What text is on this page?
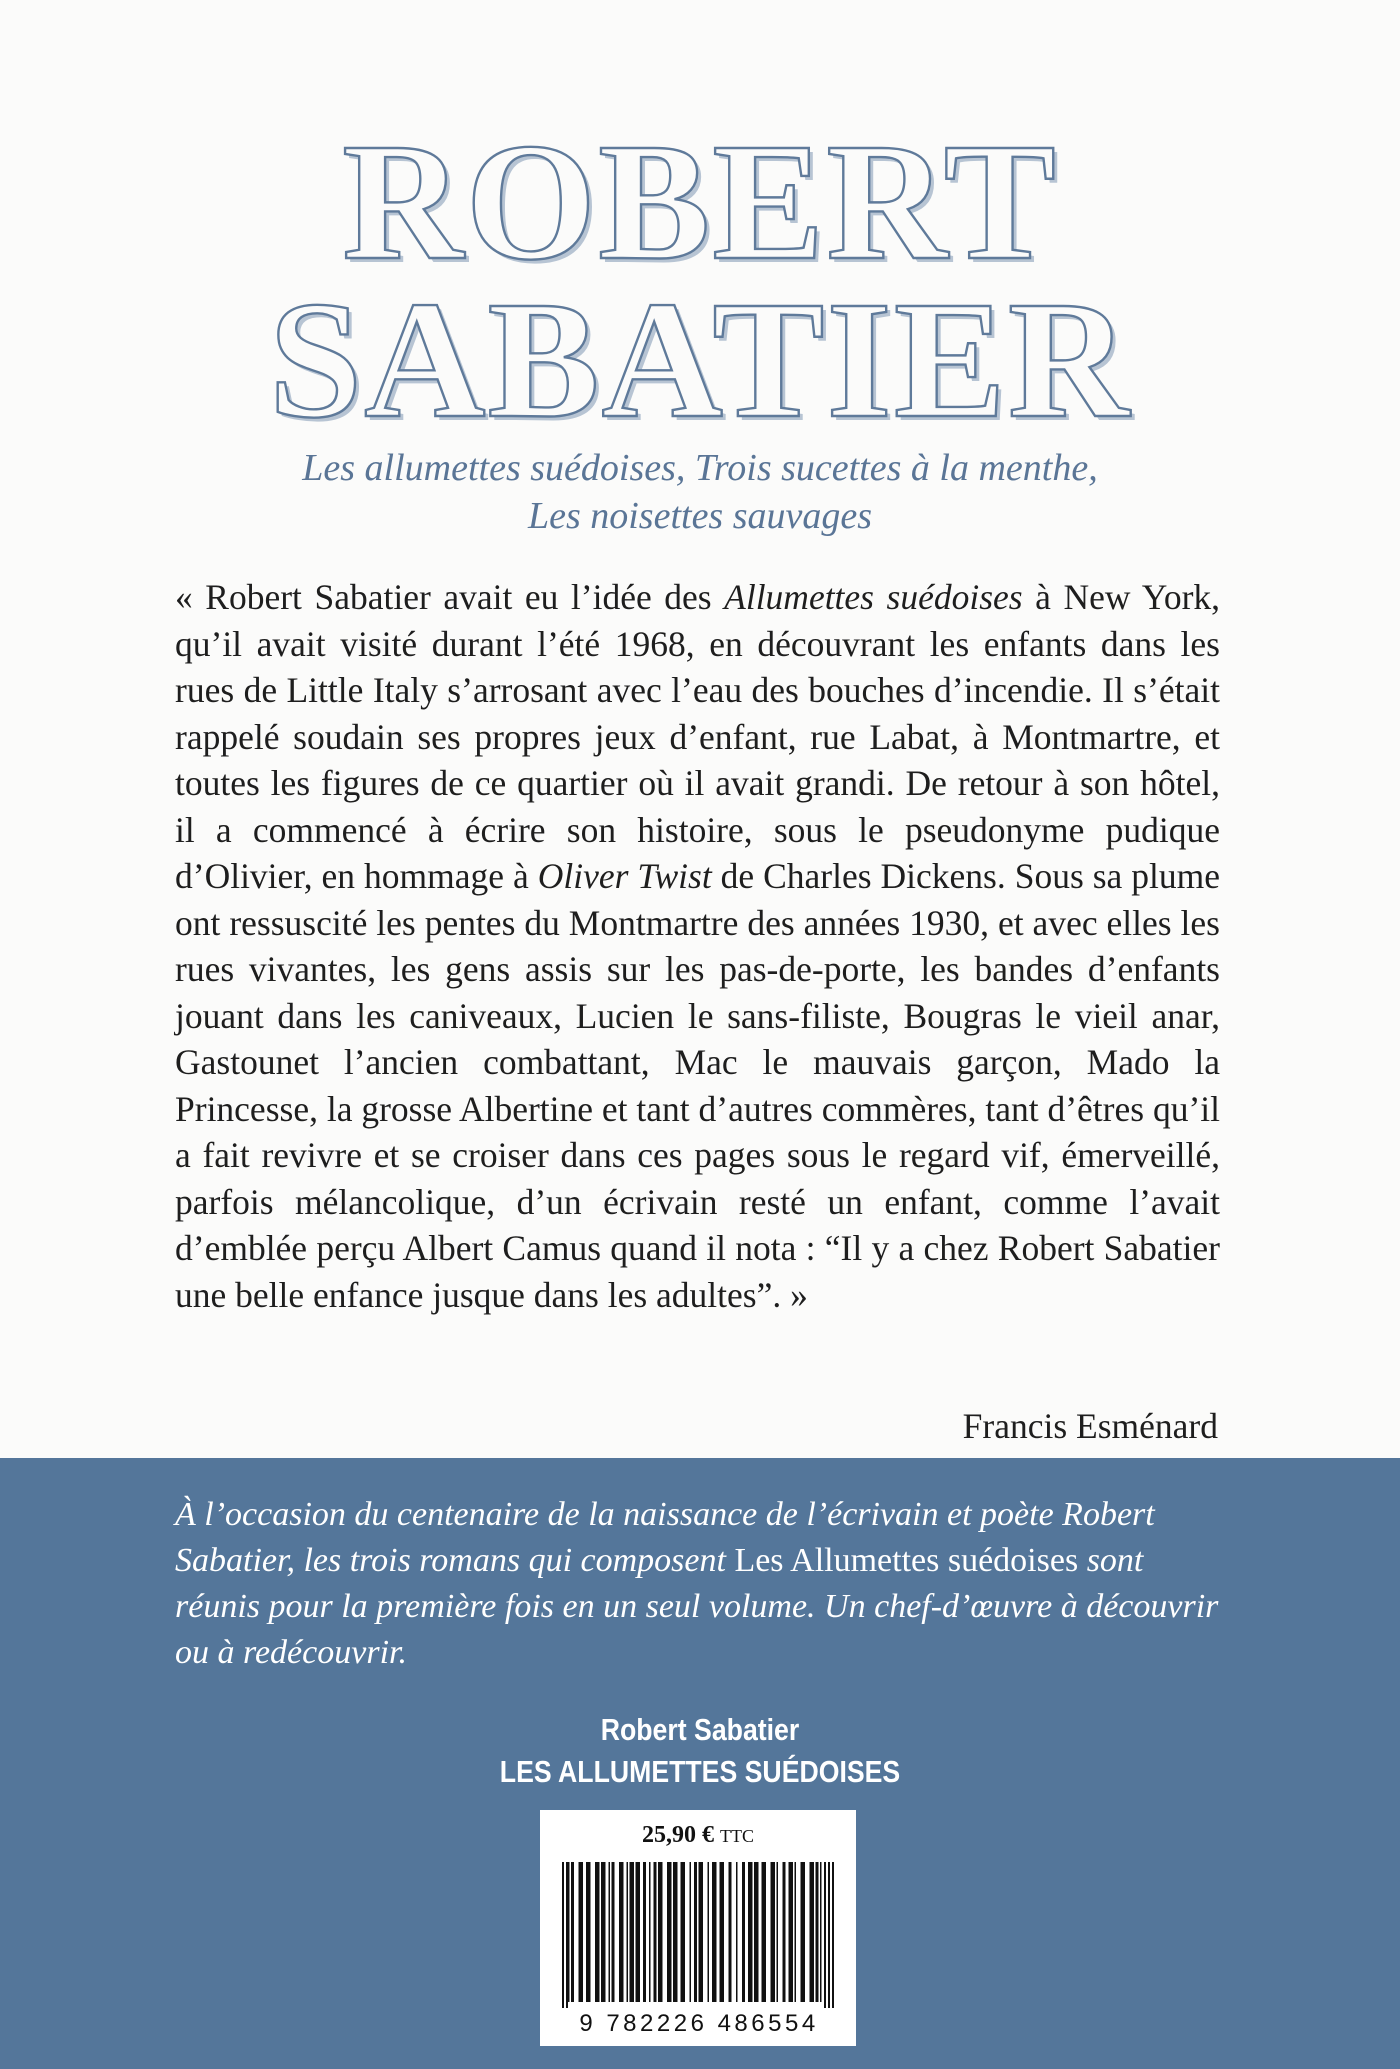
ROBERT
SABATIER
Les allumettes suédoises, Trois sucettes à la menthe,
Les noisettes sauvages

« Robert Sabatier avait eu l’idée des Allumettes suédoises à New York, qu’il avait visité durant l’été 1968, en découvrant les enfants dans les rues de Little Italy s’arrosant avec l’eau des bouches d’incendie. Il s’était rappelé soudain ses propres jeux d’enfant, rue Labat, à Montmartre, et toutes les figures de ce quartier où il avait grandi. De retour à son hôtel, il a commencé à écrire son histoire, sous le pseudonyme pudique d’Olivier, en hommage à Oliver Twist de Charles Dickens. Sous sa plume ont ressuscité les pentes du Montmartre des années 1930, et avec elles les rues vivantes, les gens assis sur les pas-de-porte, les bandes d’enfants jouant dans les caniveaux, Lucien le sans-filiste, Bougras le vieil anar, Gastounet l’ancien combattant, Mac le mauvais garçon, Mado la Princesse, la grosse Albertine et tant d’autres commères, tant d’êtres qu’il a fait revivre et se croiser dans ces pages sous le regard vif, émerveillé, parfois mélancolique, d’un écrivain resté un enfant, comme l’avait d’emblée perçu Albert Camus quand il nota : “Il y a chez Robert Sabatier une belle enfance jusque dans les adultes”. »

Francis Esménard

À l’occasion du centenaire de la naissance de l’écrivain et poète Robert Sabatier, les trois romans qui composent Les Allumettes suédoises sont réunis pour la première fois en un seul volume. Un chef-d’œuvre à découvrir ou à redécouvrir.

Robert Sabatier
LES ALLUMETTES SUÉDOISES
25,90 € TTC
9 782226 486554
